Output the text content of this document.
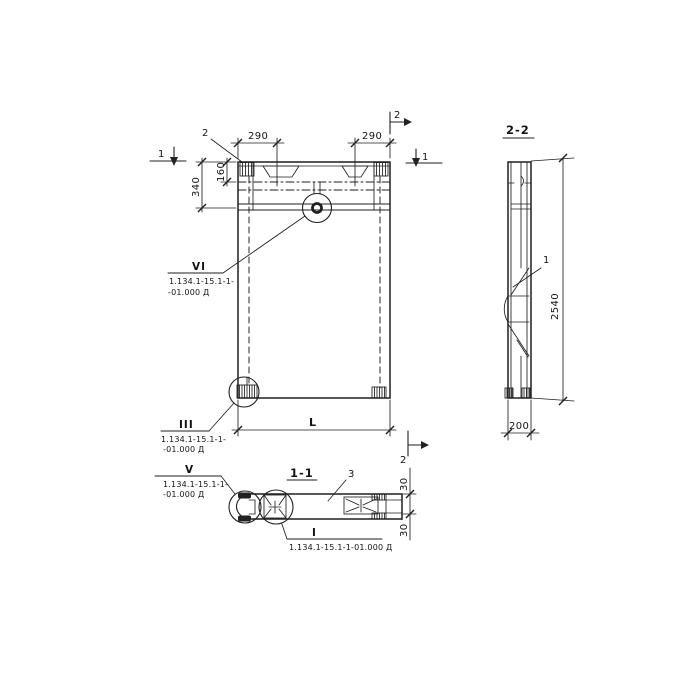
290	290
340
160
L
1	1
2
2
2
VI
1.134.1-15.1-1-
-01.000 Д
III
1.134.1-15.1-1-
-01.000 Д
V
1.134.1-15.1-1-
-01.000 Д
1-1	3
30
30
I
1.134.1-15.1-1-01.000 Д
2-2
1
2540
200
